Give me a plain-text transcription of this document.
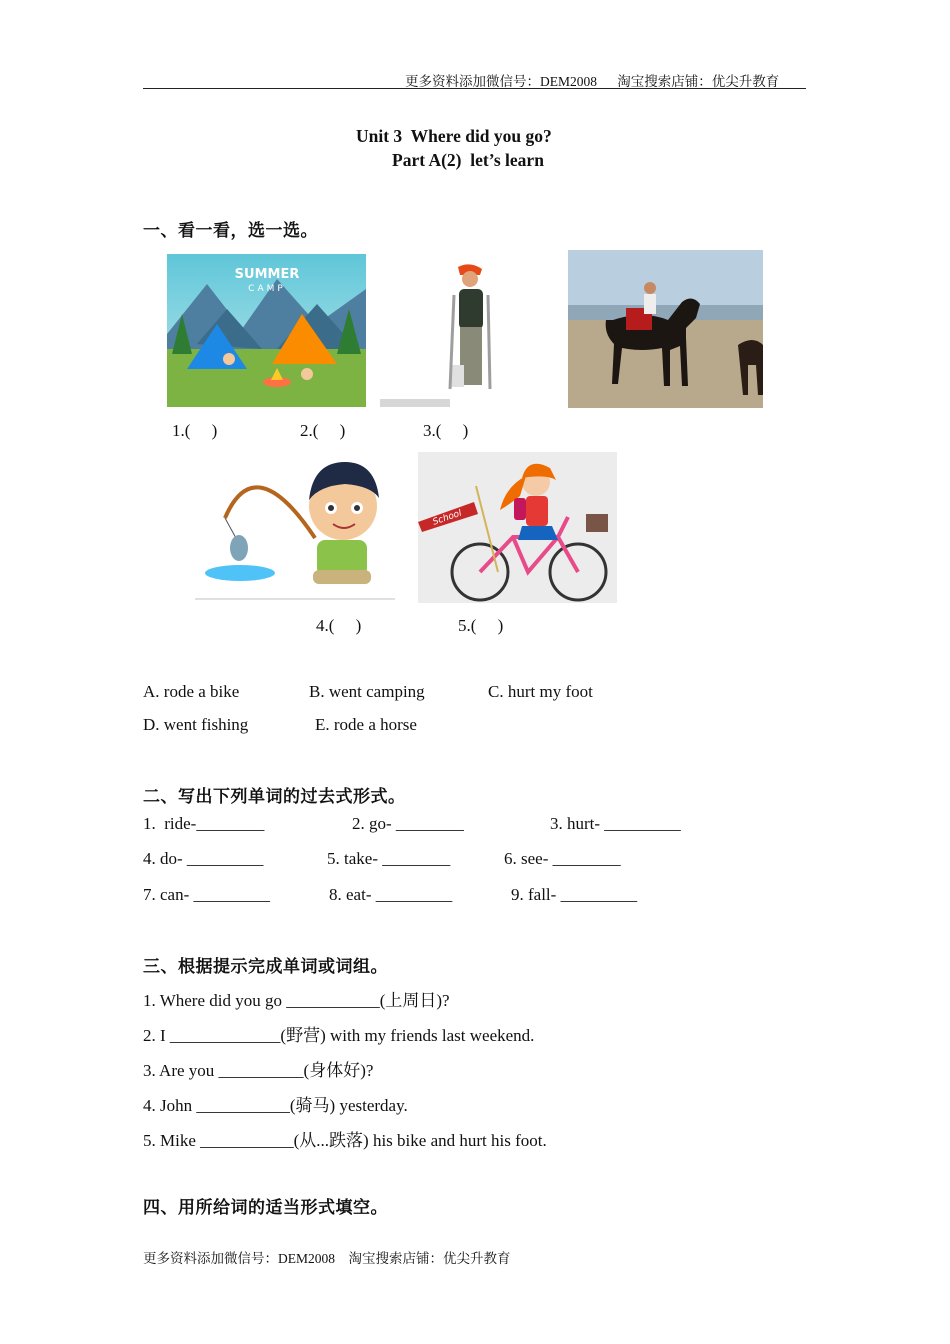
更多资料添加微信号：DEM2008      淘宝搜索店铺：优尖升教育
Unit 3  Where did you go?
Part A(2)  let’s learn
一、看一看，选一选。
SUMMER
CAMP
1.(     )	2.(     )	3.(     )
School
4.(     )	5.(     )
A. rode a bike	B. went camping	C. hurt my foot
D. went fishing	E. rode a horse
二、写出下列单词的过去式形式。
1.  ride-________	2. go- ________	3. hurt- _________
4. do- _________	5. take- ________	6. see- ________
7. can- _________	8. eat- _________	9. fall- _________
三、根据提示完成单词或词组。
1. Where did you go ___________(上周日)?
2. I _____________(野营) with my friends last weekend.
3. Are you __________(身体好)?
4. John ___________(骑马) yesterday.
5. Mike ___________(从...跌落) his bike and hurt his foot.
四、用所给词的适当形式填空。
更多资料添加微信号：DEM2008    淘宝搜索店铺：优尖升教育
